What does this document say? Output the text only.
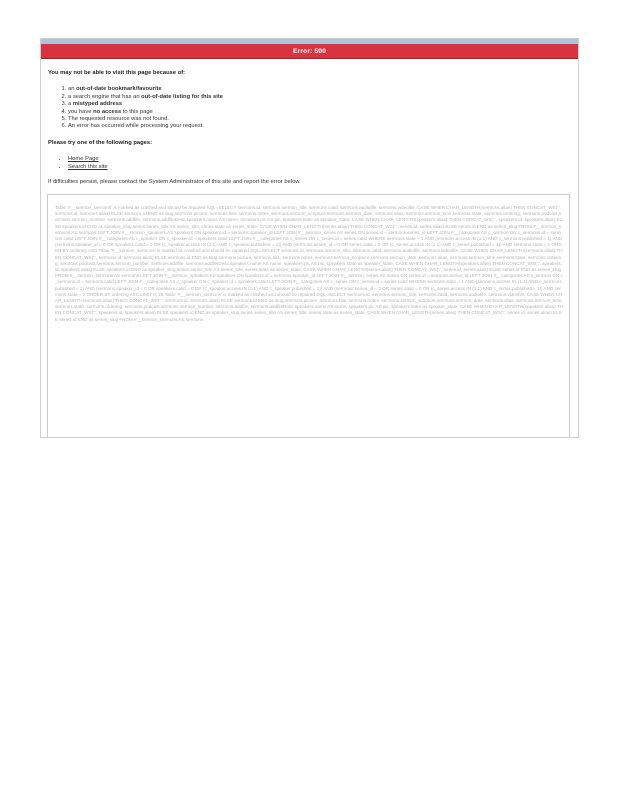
Error: 500

You may not be able to visit this page because of:

1. an out-of-date bookmark/favourite
2. a search engine that has an out-of-date listing for this site
3. a mistyped address
4. you have no access to this page
5. The requested resource was not found.
6. An error has occurred while processing your request.

Please try one of the following pages:

• Home Page
• Search this site

If difficulties persist, please contact the System Administrator of this site and report the error below.

Table '#__sermon_sermons' is marked as crashed and should be repaired SQL=SELECT sermons.id, sermons.sermon_title, sermons.catid, sermons.audiofile, sermons.videofile, CASE WHEN CHAR_LENGTH(sermons.alias) THEN CONCAT_WS(':', sermons.id, sermons.alias) ELSE sermons.id END as slug,sermons.picture, sermons.hits, sermons.notes, sermons.sermon_scripture,sermons.sermon_date, sermons.alias, sermons.sermon_time,sermons.state, sermons.ordering, sermons.podcast,sermons.sermon_number, sermons.addfile, sermons.addfileDesc,speakers.name AS name, speakers.pic AS pic, speakers.state as speaker_state, CASE WHEN CHAR_LENGTH(speakers.alias) THEN CONCAT_WS(':', speakers.id, speakers.alias) ELSE speakers.id END as speaker_slug,series.series_title AS series_title, series.state as series_state, CASE WHEN CHAR_LENGTH(series.alias) THEN CONCAT_WS(':', series.id, series.alias) ELSE series.id END as series_slug FROM #__sermon_sermons AS sermons LEFT JOIN #__sermon_speakers AS speakers ON speakers.id = sermons.speaker_id LEFT JOIN #__sermon_series AS series ON series.id = sermons.series_id LEFT JOIN #__categories AS c_sermon ON c_sermons.id = sermons.catid LEFT JOIN #__categories AS c_speaker ON c_speaker.id = speakers.catid LEFT JOIN #__categories AS c_series ON c_series.id = series.catid WHERE sermons.state = 1 AND (sermons.access IN (1,1) AND c_sermons.published = 1) AND (sermons.speaker_id = 0 OR speakers.catid = 0 OR (c_speaker.access IN (1,1) AND c_speaker.published = 1)) AND (sermons.series_id = 0 OR series.catid = 0 OR (c_series.access IN (1,1) AND c_series.published = 1)) AND sermons.state = 1 ORDER BY ordering ASC Table '#__sermon_sermons' is marked as crashed and should be repaired SQL=SELECT sermons.id, sermons.sermon_title, sermons.catid, sermons.audiofile, sermons.videofile, CASE WHEN CHAR_LENGTH(sermons.alias) THEN CONCAT_WS(':', sermons.id, sermons.alias) ELSE sermons.id END as slug,sermons.picture, sermons.hits, sermons.notes, sermons.sermon_scripture,sermons.sermon_date, sermons.alias, sermons.sermon_time,sermons.state, sermons.ordering, sermons.podcast,sermons.sermon_number, sermons.addfile, sermons.addfileDesc,speakers.name AS name, speakers.pic AS pic, speakers.state as speaker_state, CASE WHEN CHAR_LENGTH(speakers.alias) THEN CONCAT_WS(':', speakers.id, speakers.alias) ELSE speakers.id END as speaker_slug,series.series_title AS series_title, series.state as series_state, CASE WHEN CHAR_LENGTH(series.alias) THEN CONCAT_WS(':', series.id, series.alias) ELSE series.id END as series_slug FROM #__sermon_sermons AS sermons LEFT JOIN #__sermon_speakers AS speakers ON speakers.id = sermons.speaker_id LEFT JOIN #__sermon_series AS series ON series.id = sermons.series_id LEFT JOIN #__categories AS c_sermon ON c_sermons.id = sermons.catid LEFT JOIN #__categories AS c_speaker ON c_speaker.id = speakers.catid LEFT JOIN #__categories AS c_series ON c_series.id = series.catid WHERE sermons.state = 1 AND (sermons.access IN (1,1) AND c_sermons.published = 1) AND (sermons.speaker_id = 0 OR speakers.catid = 0 OR (c_speaker.access IN (1,1) AND c_speaker.published = 1)) AND (sermons.series_id = 0 OR series.catid = 0 OR (c_series.access IN (1,1) AND c_series.published = 1)) AND sermons.state = 1 ORDER BY ordering ASC LIMIT 0, 25 Table '#__sermon_sermons' is marked as crashed and should be repaired SQL=SELECT sermons.id, sermons.sermon_title, sermons.catid, sermons.audiofile, sermons.videofile, CASE WHEN CHAR_LENGTH(sermons.alias) THEN CONCAT_WS(':', sermons.id, sermons.alias) ELSE sermons.id END as slug,sermons.picture, sermons.hits, sermons.notes, sermons.sermon_scripture,sermons.sermon_date, sermons.alias, sermons.sermon_time,sermons.state, sermons.ordering, sermons.podcast,sermons.sermon_number, sermons.addfile, sermons.addfileDesc,speakers.name AS name, speakers.pic AS pic, speakers.state as speaker_state, CASE WHEN CHAR_LENGTH(speakers.alias) THEN CONCAT_WS(':', speakers.id, speakers.alias) ELSE speakers.id END as speaker_slug,series.series_title AS series_title, series.state as series_state, CASE WHEN CHAR_LENGTH(series.alias) THEN CONCAT_WS(':', series.id, series.alias) ELSE series.id END as series_slug FROM #__sermon_sermons AS sermons
